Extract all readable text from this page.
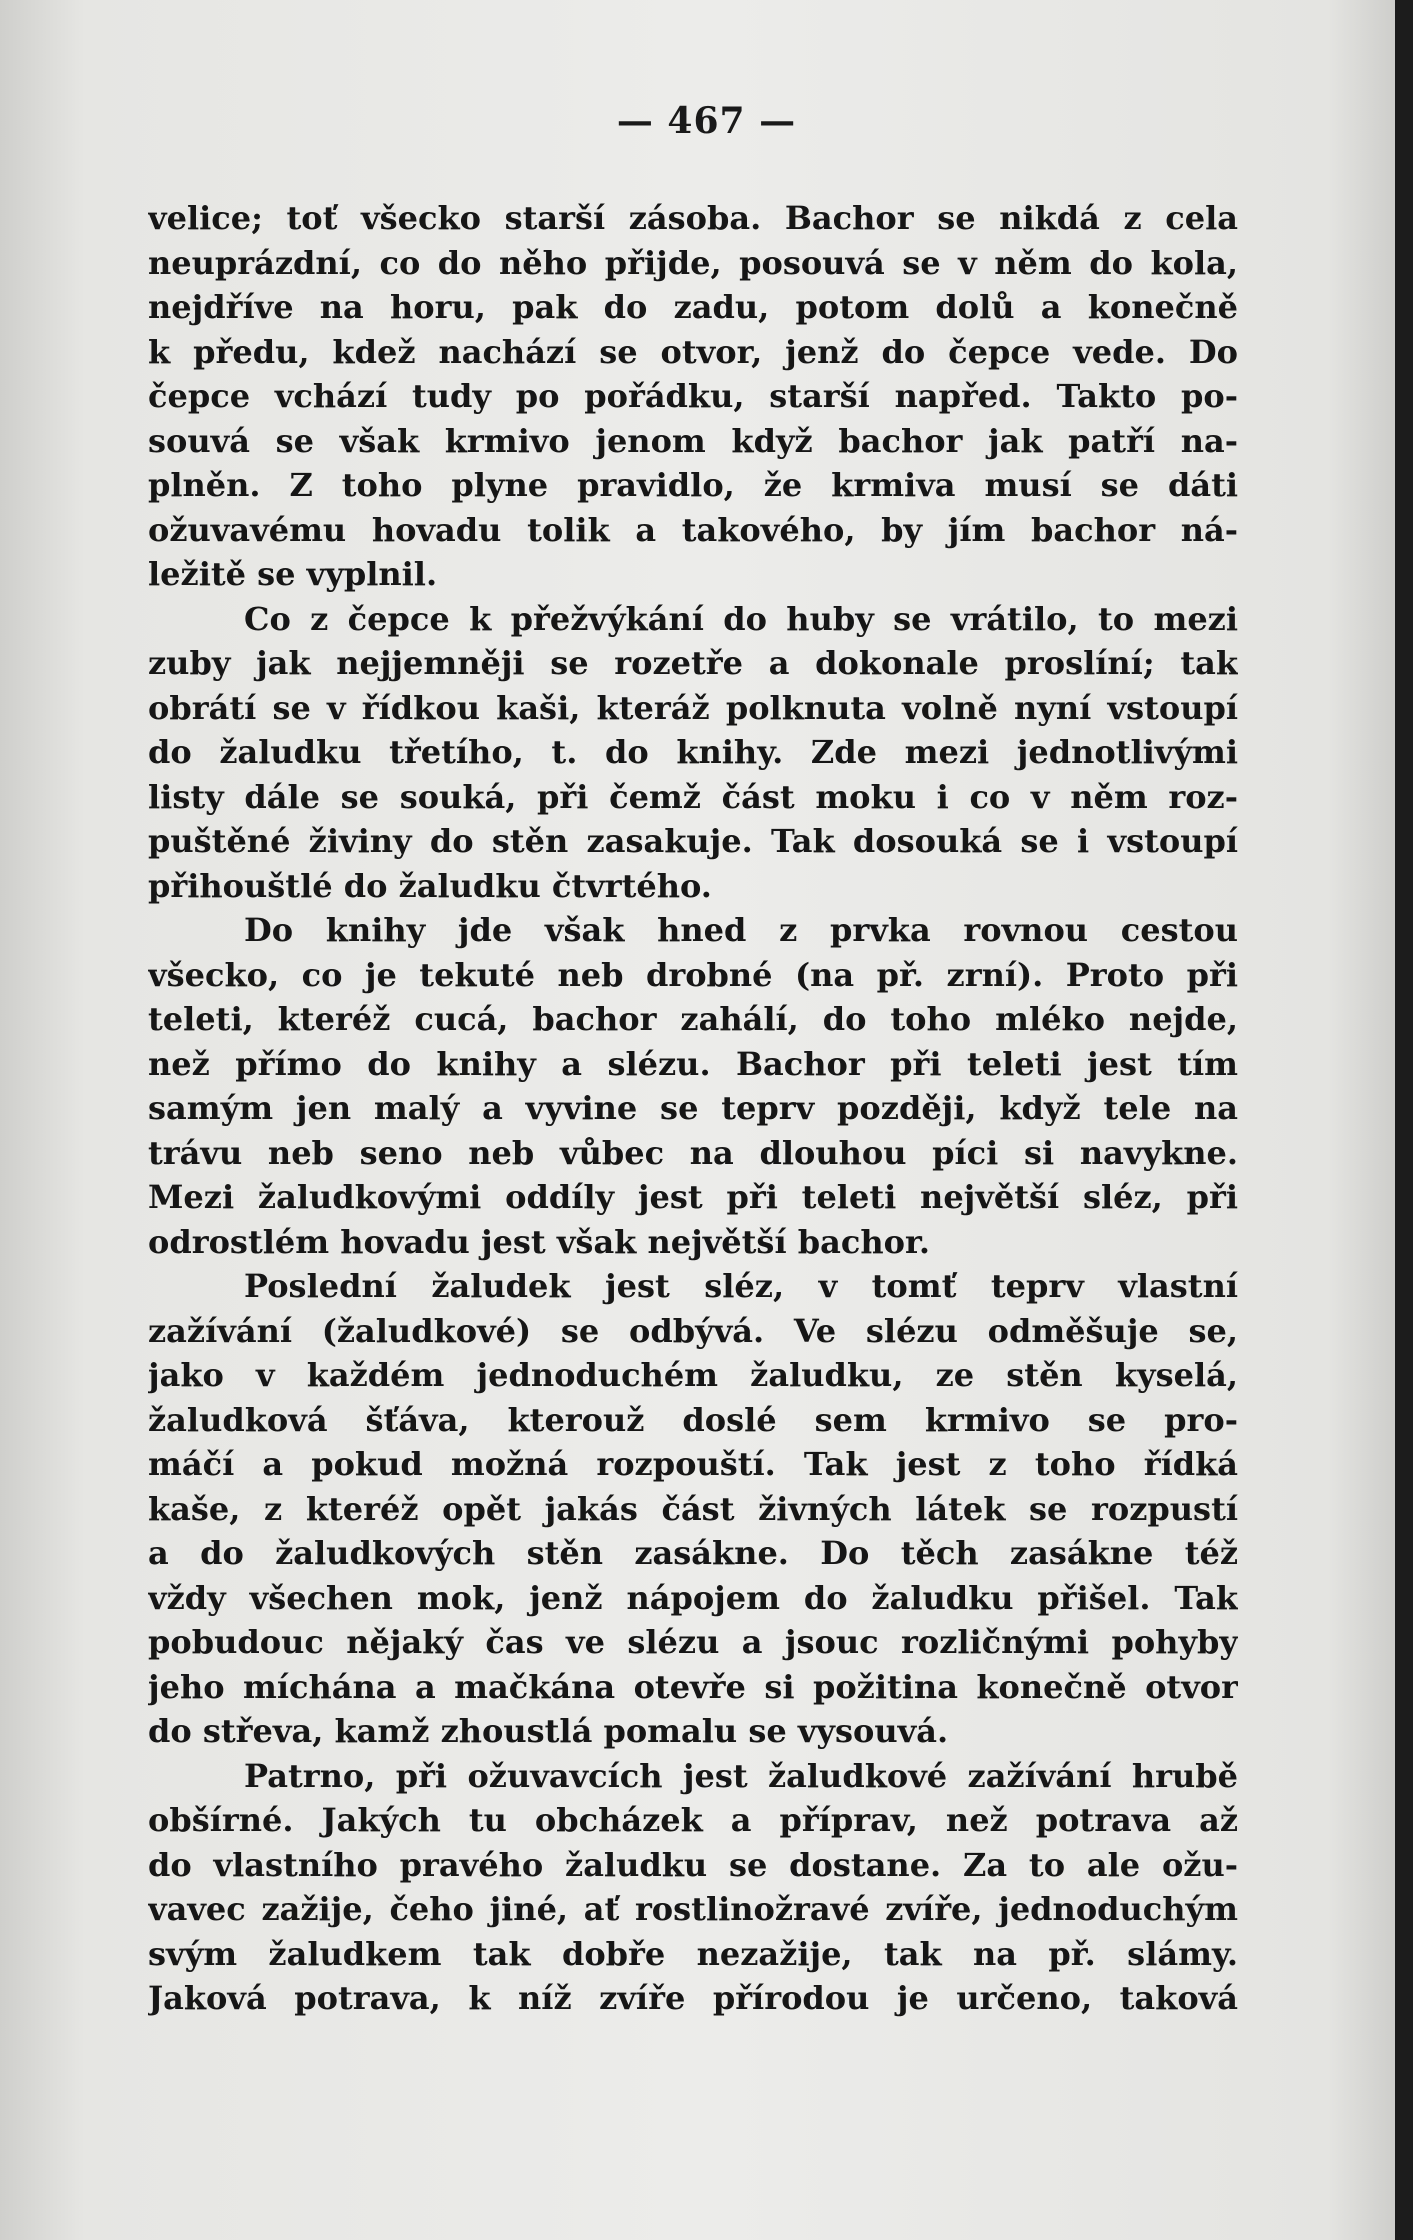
— 467 —
velice; toť všecko starší zásoba. Bachor se nikdá z cela
neuprázdní, co do něho přijde, posouvá se v něm do kola,
nejdříve na horu, pak do zadu, potom dolů a konečně
k předu, kdež nachází se otvor, jenž do čepce vede. Do
čepce vchází tudy po pořádku, starší napřed. Takto po-
souvá se však krmivo jenom když bachor jak patří na-
plněn. Z toho plyne pravidlo, že krmiva musí se dáti
ožuvavému hovadu tolik a takového, by jím bachor ná-
ležitě se vyplnil.
Co z čepce k přežvýkání do huby se vrátilo, to mezi
zuby jak nejjemněji se rozetře a dokonale proslíní; tak
obrátí se v řídkou kaši, kteráž polknuta volně nyní vstoupí
do žaludku třetího, t. do knihy. Zde mezi jednotlivými
listy dále se souká, při čemž část moku i co v něm roz-
puštěné živiny do stěn zasakuje. Tak dosouká se i vstoupí
přihouštlé do žaludku čtvrtého.
Do knihy jde však hned z prvka rovnou cestou
všecko, co je tekuté neb drobné (na př. zrní). Proto při
teleti, kteréž cucá, bachor zahálí, do toho mléko nejde,
než přímo do knihy a slézu. Bachor při teleti jest tím
samým jen malý a vyvine se teprv později, když tele na
trávu neb seno neb vůbec na dlouhou píci si navykne.
Mezi žaludkovými oddíly jest při teleti největší sléz, při
odrostlém hovadu jest však největší bachor.
Poslední žaludek jest sléz, v tomť teprv vlastní
zažívání (žaludkové) se odbývá. Ve slézu odměšuje se,
jako v každém jednoduchém žaludku, ze stěn kyselá,
žaludková šťáva, kterouž doslé sem krmivo se pro-
máčí a pokud možná rozpouští. Tak jest z toho řídká
kaše, z kteréž opět jakás část živných látek se rozpustí
a do žaludkových stěn zasákne. Do těch zasákne též
vždy všechen mok, jenž nápojem do žaludku přišel. Tak
pobudouc nějaký čas ve slézu a jsouc rozličnými pohyby
jeho míchána a mačkána otevře si požitina konečně otvor
do střeva, kamž zhoustlá pomalu se vysouvá.
Patrno, při ožuvavcích jest žaludkové zažívání hrubě
obšírné. Jakých tu obcházek a příprav, než potrava až
do vlastního pravého žaludku se dostane. Za to ale ožu-
vavec zažije, čeho jiné, ať rostlinožravé zvíře, jednoduchým
svým žaludkem tak dobře nezažije, tak na př. slámy.
Jaková potrava, k níž zvíře přírodou je určeno, taková
